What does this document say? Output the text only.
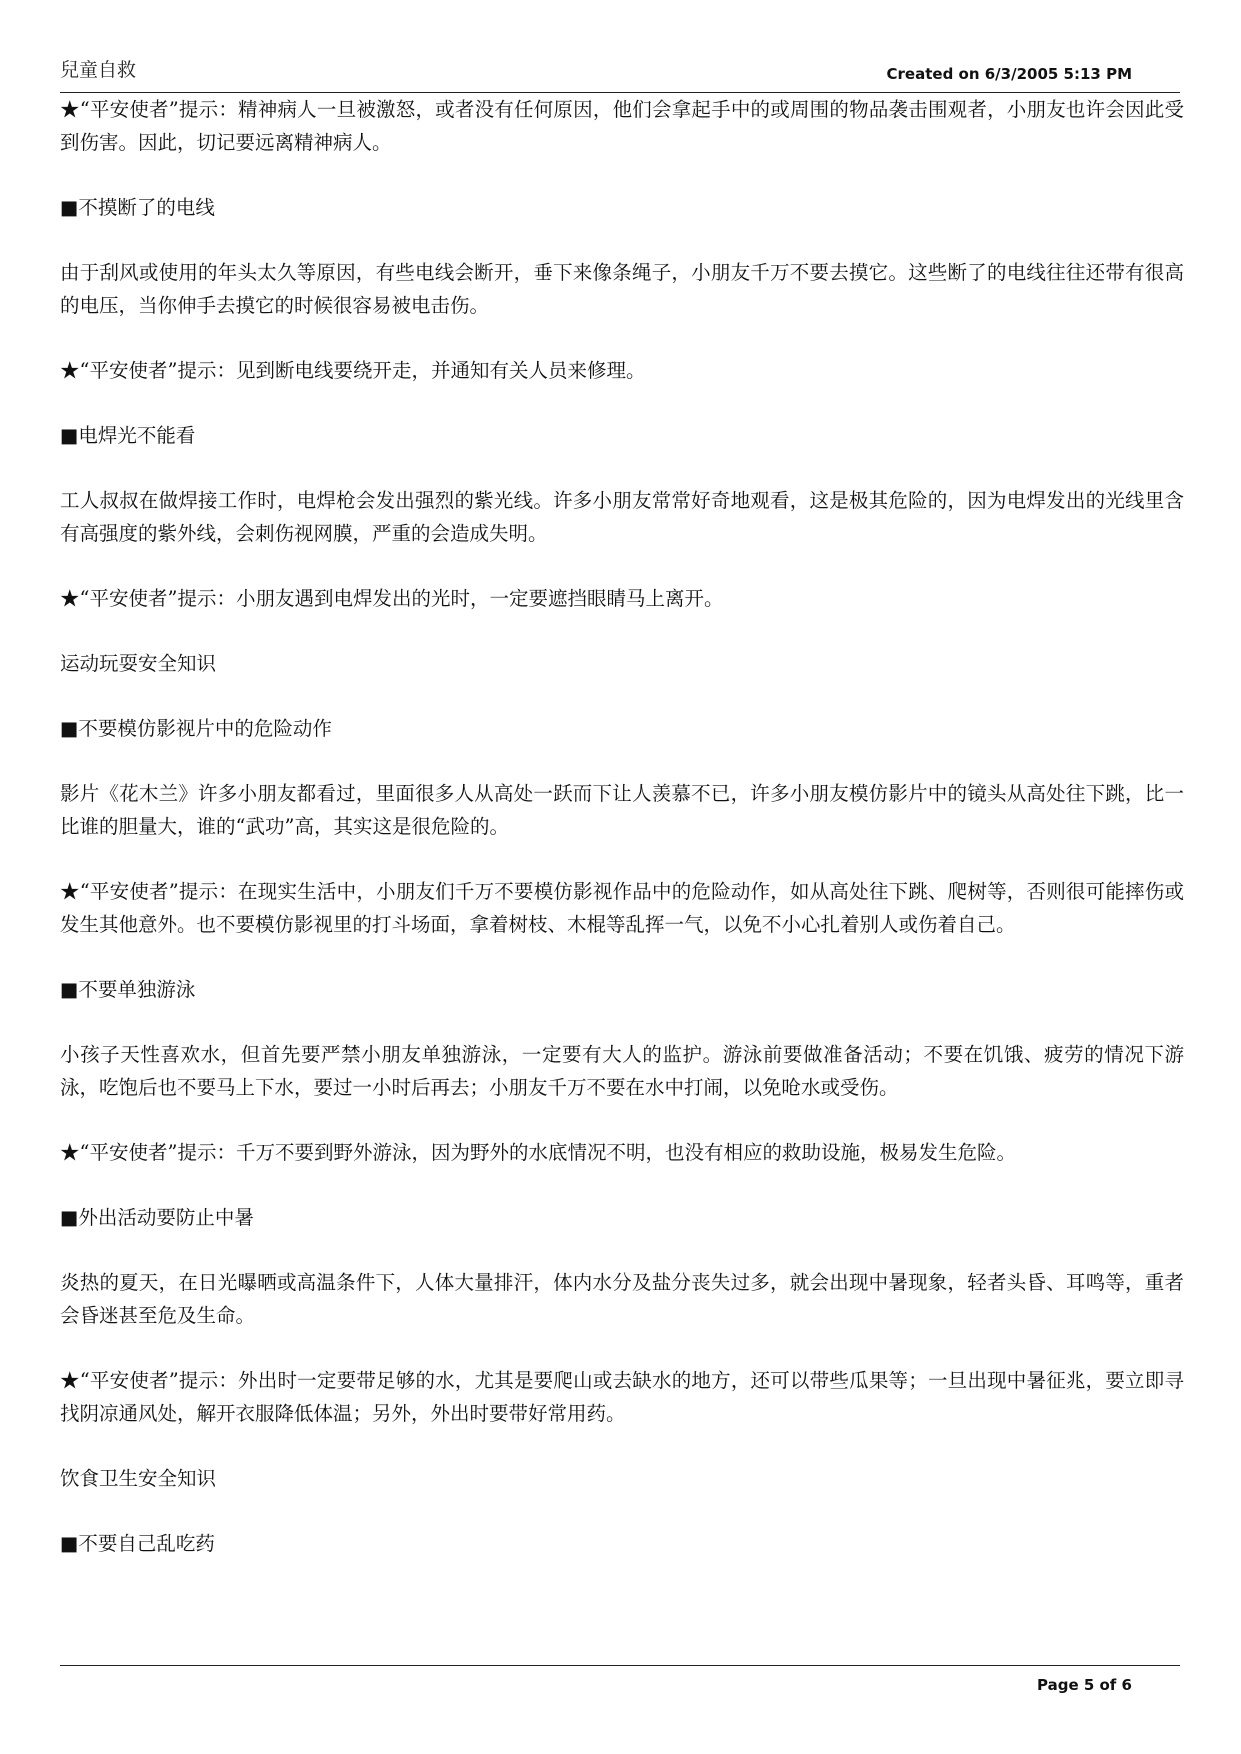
兒童自救	Created on 6/3/2005 5:13 PM

★“平安使者”提示：精神病人一旦被激怒，或者没有任何原因，他们会拿起手中的或周围的物品袭击围观者，小朋友也许会因此受到伤害。因此，切记要远离精神病人。

■不摸断了的电线

由于刮风或使用的年头太久等原因，有些电线会断开，垂下来像条绳子，小朋友千万不要去摸它。这些断了的电线往往还带有很高的电压，当你伸手去摸它的时候很容易被电击伤。

★“平安使者”提示：见到断电线要绕开走，并通知有关人员来修理。

■电焊光不能看

工人叔叔在做焊接工作时，电焊枪会发出强烈的紫光线。许多小朋友常常好奇地观看，这是极其危险的，因为电焊发出的光线里含有高强度的紫外线，会刺伤视网膜，严重的会造成失明。

★“平安使者”提示：小朋友遇到电焊发出的光时，一定要遮挡眼睛马上离开。

运动玩耍安全知识

■不要模仿影视片中的危险动作

影片《花木兰》许多小朋友都看过，里面很多人从高处一跃而下让人羡慕不已，许多小朋友模仿影片中的镜头从高处往下跳，比一比谁的胆量大，谁的“武功”高，其实这是很危险的。

★“平安使者”提示：在现实生活中，小朋友们千万不要模仿影视作品中的危险动作，如从高处往下跳、爬树等，否则很可能摔伤或发生其他意外。也不要模仿影视里的打斗场面，拿着树枝、木棍等乱挥一气，以免不小心扎着别人或伤着自己。

■不要单独游泳

小孩子天性喜欢水，但首先要严禁小朋友单独游泳，一定要有大人的监护。游泳前要做准备活动；不要在饥饿、疲劳的情况下游泳，吃饱后也不要马上下水，要过一小时后再去；小朋友千万不要在水中打闹，以免呛水或受伤。

★“平安使者”提示：千万不要到野外游泳，因为野外的水底情况不明，也没有相应的救助设施，极易发生危险。

■外出活动要防止中暑

炎热的夏天，在日光曝晒或高温条件下，人体大量排汗，体内水分及盐分丧失过多，就会出现中暑现象，轻者头昏、耳鸣等，重者会昏迷甚至危及生命。

★“平安使者”提示：外出时一定要带足够的水，尤其是要爬山或去缺水的地方，还可以带些瓜果等；一旦出现中暑征兆，要立即寻找阴凉通风处，解开衣服降低体温；另外，外出时要带好常用药。

饮食卫生安全知识

■不要自己乱吃药

Page 5 of 6
